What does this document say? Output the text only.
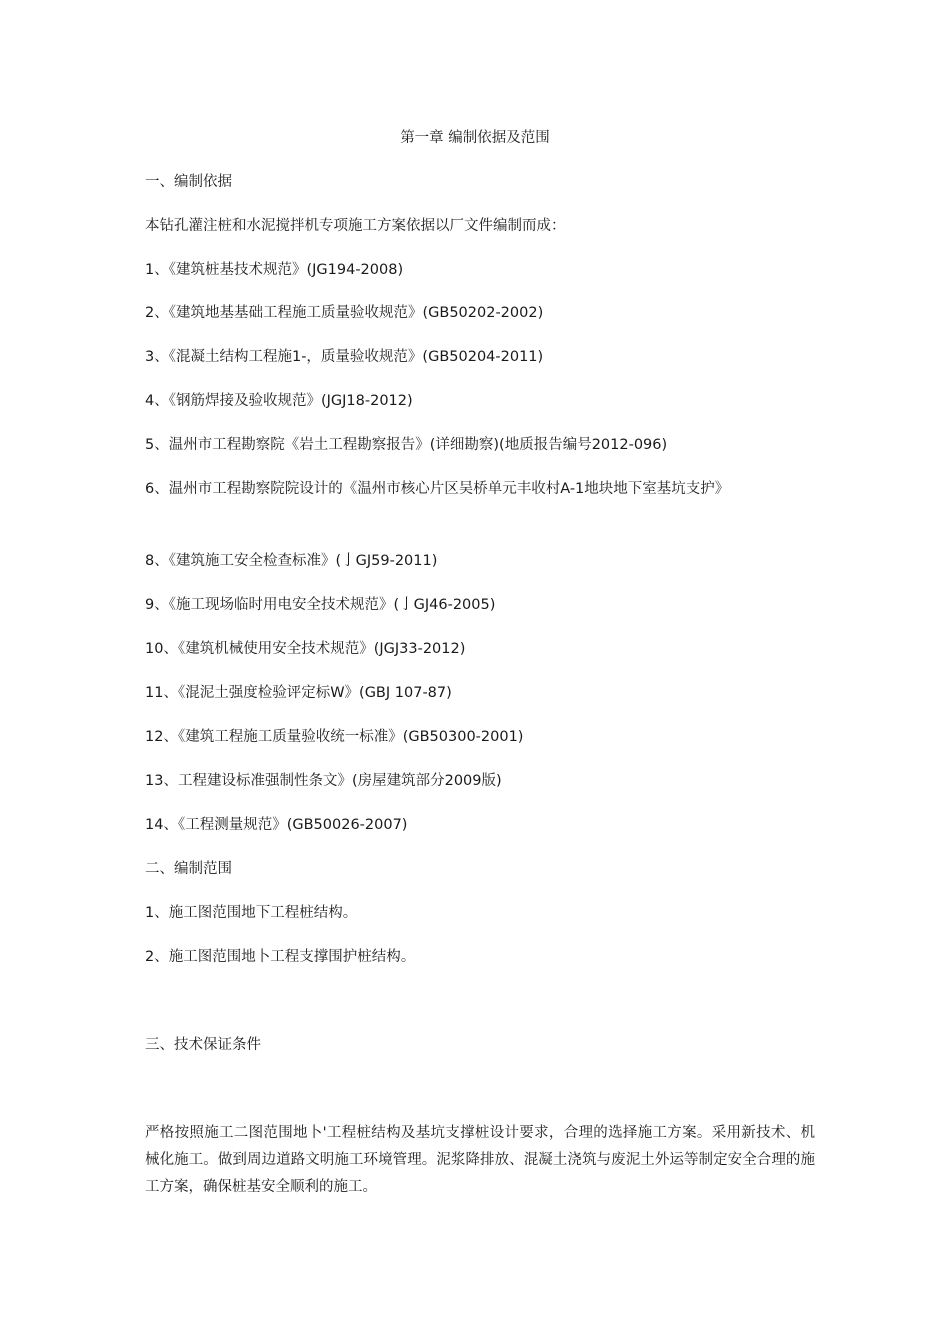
第一章 编制依据及范围
一、编制依据
本钻孔灌注桩和水泥搅拌机专项施工方案依据以厂文件编制而成：
1、《建筑桩基技术规范》(JG194-2008)
2、《建筑地基基础工程施工质量验收规范》(GB50202-2002)
3、《混凝土结构工程施1-，质量验收规范》(GB50204-2011)
4、《钢筋焊接及验收规范》(JGJ18-2012)
5、温州市工程勘察院《岩土工程勘察报告》(详细勘察)(地质报告编号2012-096)
6、温州市工程勘察院院设计的《温州市核心片区吴桥单元丰收村A-1地块地下室基坑支护》
8、《建筑施工安全检查标准》(亅GJ59-2011)
9、《施工现场临时用电安全技术规范》(亅GJ46-2005)
10、《建筑机械使用安全技术规范》(JGJ33-2012)
11、《混泥土强度检验评定标W》(GBJ 107-87)
12、《建筑工程施工质量验收统一标准》(GB50300-2001)
13、工程建设标准强制性条文》(房屋建筑部分2009版)
14、《工程测量规范》(GB50026-2007)
二、编制范围
1、施工图范围地下工程桩结构。
2、施工图范围地卜工程支撑围护桩结构。
三、技术保证条件
严格按照施工二图范围地卜'工程桩结构及基坑支撑桩设计要求，合理的选择施工方案。采用新技术、机械化施工。做到周边道路文明施工环境管理。泥浆降排放、混凝土浇筑与废泥土外运等制定安全合理的施工方案，确保桩基安全顺利的施工。
